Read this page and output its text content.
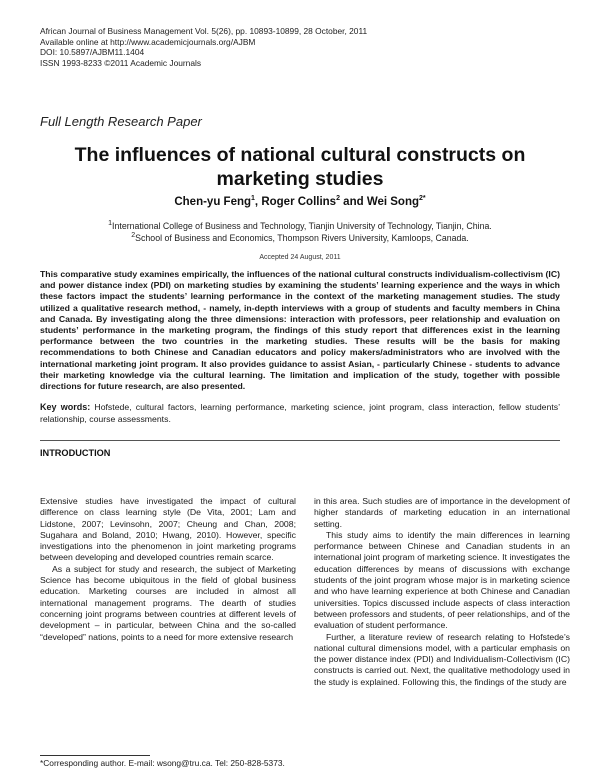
African Journal of Business Management Vol. 5(26), pp. 10893-10899, 28 October, 2011
Available online at http://www.academicjournals.org/AJBM
DOI: 10.5897/AJBM11.1404
ISSN 1993-8233 ©2011 Academic Journals
Full Length Research Paper
The influences of national cultural constructs on marketing studies
Chen-yu Feng$^1$, Roger Collins$^2$ and Wei Song$^{2*}$
$^1$International College of Business and Technology, Tianjin University of Technology, Tianjin, China.
$^2$School of Business and Economics, Thompson Rivers University, Kamloops, Canada.
Accepted 24 August, 2011
This comparative study examines empirically, the influences of the national cultural constructs individualism-collectivism (IC) and power distance index (PDI) on marketing studies by examining the students’ learning experience and the ways in which these factors impact the students’ learning performance in the context of the marketing management studies. The study utilized a qualitative research method, - namely, in-depth interviews with a group of students and faculty members in China and Canada. By investigating along the three dimensions: interaction with professors, peer relationship and evaluation on students’ performance in the marketing program, the findings of this study report that differences exist in the learning performance between the two countries in the marketing studies. These results will be the basis for making recommendations to both Chinese and Canadian educators and policy makers/administrators who are involved with the international marketing joint program. It also provides guidance to assist Asian, - particularly Chinese - students to advance their marketing knowledge via the cultural learning. The limitation and implication of the study, together with possible directions for future research, are also presented.
Key words: Hofstede, cultural factors, learning performance, marketing science, joint program, class interaction, fellow students’ relationship, course assessments.
INTRODUCTION

Extensive studies have investigated the impact of cultural difference on class learning style (De Vita, 2001; Lam and Lidstone, 2007; Levinsohn, 2007; Cheung and Chan, 2008; Sugahara and Boland, 2010; Hwang, 2010). However, specific investigations into the phenomenon in joint marketing programs between developing and developed countries remain scarce.

As a subject for study and research, the subject of Marketing Science has become ubiquitous in the field of global business education. Marketing courses are included in almost all international management programs. The dearth of studies concerning joint programs between countries at different levels of development – in particular, between China and the so-called “developed” nations, points to a need for more extensive research

in this area. Such studies are of importance in the development of higher standards of marketing education in an international setting.

This study aims to identify the main differences in learning performance between Chinese and Canadian students in an international joint program of marketing science. It investigates the education differences by means of discussions with exchange students of the joint program whose major is in marketing science and who have learning experience at both Chinese and Canadian universities. Topics discussed include aspects of class interaction between professors and students, of peer relationships, and of the evaluation of student performance.

Further, a literature review of research relating to Hofstede’s national cultural dimensions model, with a particular emphasis on the power distance index (PDI) and Individualism-Collectivism (IC) constructs is carried out. Next, the qualitative methodology used in the study is explained. Following this, the findings of the study are

*Corresponding author. E-mail: wsong@tru.ca. Tel: 250-828-5373.
